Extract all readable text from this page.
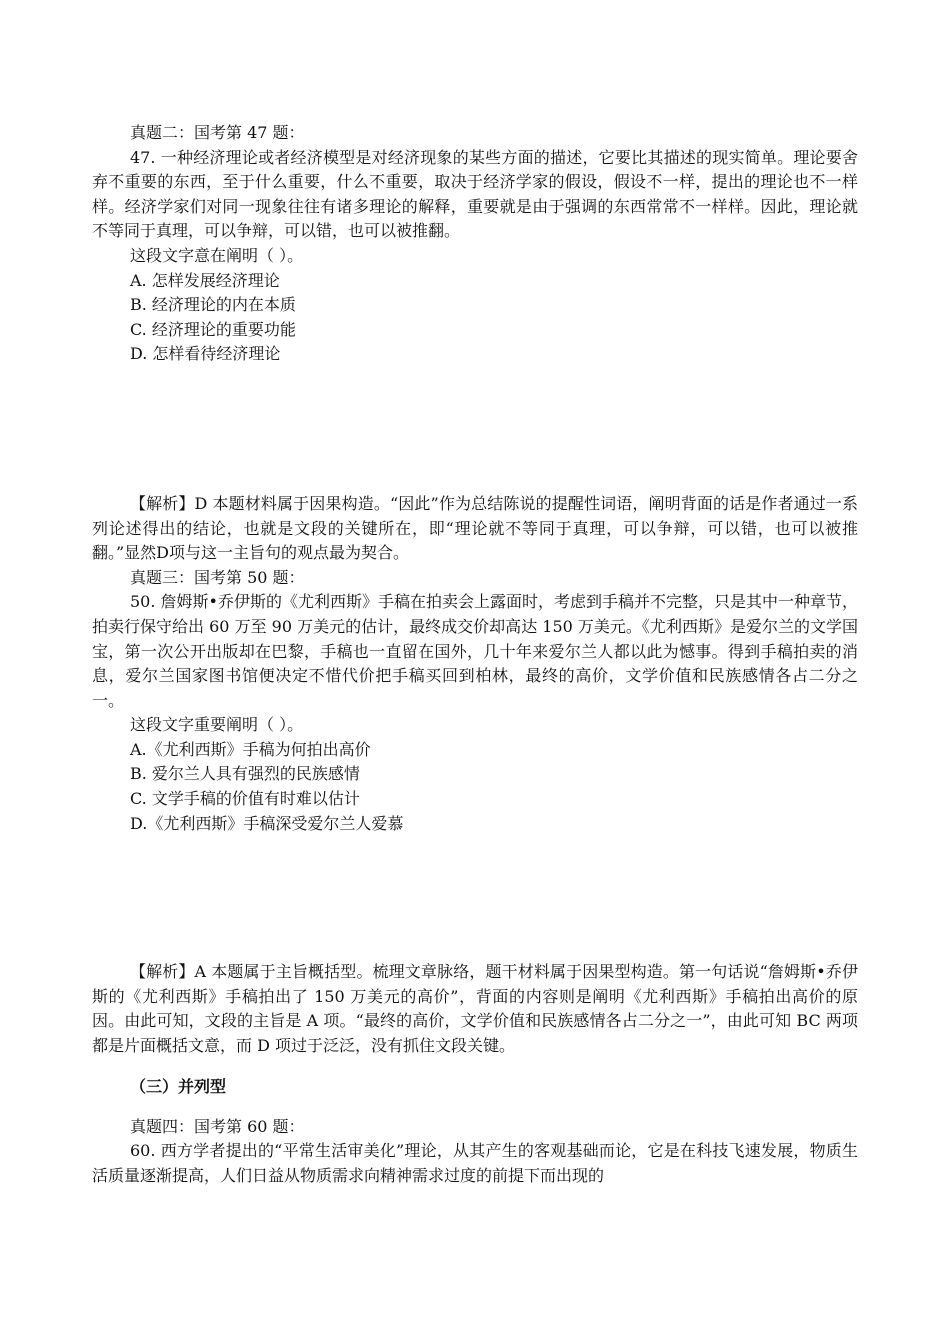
真题二：国考第 47 题：

47. 一种经济理论或者经济模型是对经济现象的某些方面的描述，它要比其描述的现实简单。理论要舍弃不重要的东西，至于什么重要，什么不重要，取决于经济学家的假设，假设不一样，提出的理论也不一样样。经济学家们对同一现象往往有诸多理论的解释，重要就是由于强调的东西常常不一样样。因此，理论就不等同于真理，可以争辩，可以错，也可以被推翻。

这段文字意在阐明（ ）。

A. 怎样发展经济理论

B. 经济理论的内在本质

C. 经济理论的重要功能

D. 怎样看待经济理论

【解析】D 本题材料属于因果构造。“因此”作为总结陈说的提醒性词语，阐明背面的话是作者通过一系列论述得出的结论，也就是文段的关键所在，即“理论就不等同于真理，可以争辩，可以错，也可以被推翻。”显然D项与这一主旨句的观点最为契合。

真题三：国考第 50 题：

50. 詹姆斯•乔伊斯的《尤利西斯》手稿在拍卖会上露面时，考虑到手稿并不完整，只是其中一种章节，拍卖行保守给出 60 万至 90 万美元的估计，最终成交价却高达 150 万美元。《尤利西斯》是爱尔兰的文学国宝，第一次公开出版却在巴黎，手稿也一直留在国外，几十年来爱尔兰人都以此为憾事。得到手稿拍卖的消息，爱尔兰国家图书馆便决定不惜代价把手稿买回到柏林，最终的高价，文学价值和民族感情各占二分之一。

这段文字重要阐明（ ）。

A.《尤利西斯》手稿为何拍出高价

B. 爱尔兰人具有强烈的民族感情

C. 文学手稿的价值有时难以估计

D.《尤利西斯》手稿深受爱尔兰人爱慕

【解析】A 本题属于主旨概括型。梳理文章脉络，题干材料属于因果型构造。第一句话说“詹姆斯•乔伊斯的《尤利西斯》手稿拍出了 150 万美元的高价”，背面的内容则是阐明《尤利西斯》手稿拍出高价的原因。由此可知，文段的主旨是 A 项。“最终的高价，文学价值和民族感情各占二分之一”，由此可知 BC 两项都是片面概括文意，而 D 项过于泛泛，没有抓住文段关键。

（三）并列型

真题四：国考第 60 题：

60. 西方学者提出的“平常生活审美化”理论，从其产生的客观基础而论，它是在科技飞速发展，物质生活质量逐渐提高，人们日益从物质需求向精神需求过度的前提下而出现的
